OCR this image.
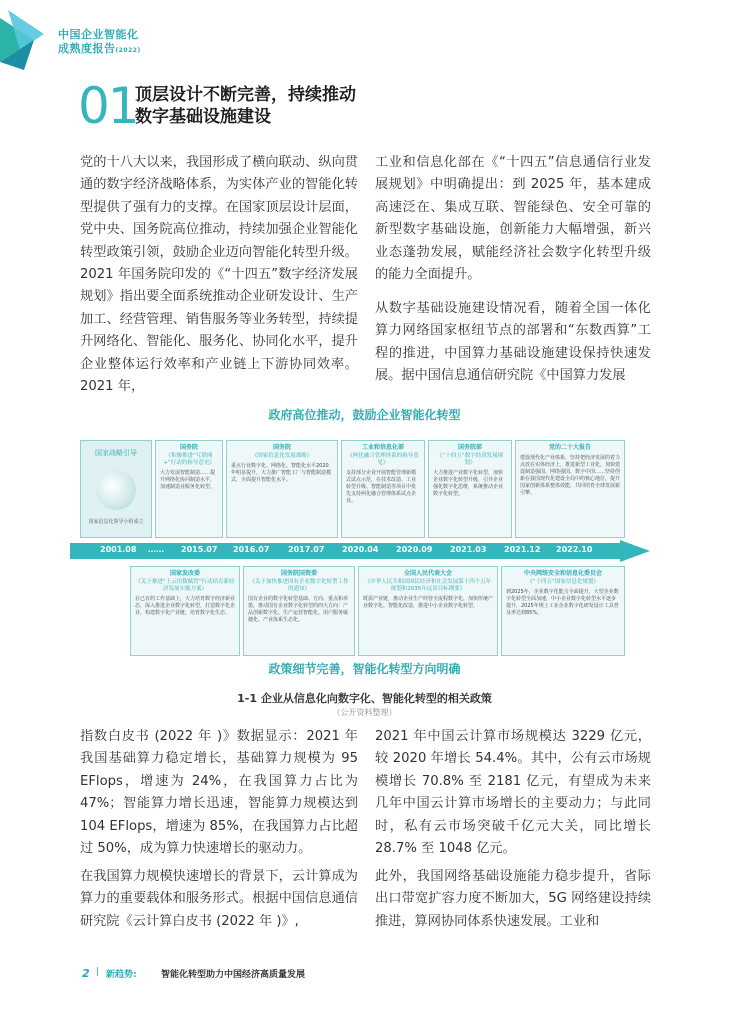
中国企业智能化
成熟度报告(2022)
01
顶层设计不断完善，持续推动
数字基础设施建设

党的十八大以来，我国形成了横向联动、纵向贯通的数字经济战略体系，为实体产业的智能化转型提供了强有力的支撑。在国家顶层设计层面，党中央、国务院高位推动，持续加强企业智能化转型政策引领，鼓励企业迈向智能化转型升级。2021 年国务院印发的《“十四五”数字经济发展规划》指出要全面系统推动企业研发设计、生产加工、经营管理、销售服务等业务转型，持续提升网络化、智能化、服务化、协同化水平，提升企业整体运行效率和产业链上下游协同效率。2021 年，

工业和信息化部在《“十四五”信息通信行业发展规划》中明确提出：到 2025 年，基本建成高速泛在、集成互联、智能绿色、安全可靠的新型数字基础设施，创新能力大幅增强，新兴业态蓬勃发展，赋能经济社会数字化转型升级的能力全面提升。

从数字基础设施建设情况看，随着全国一体化算力网络国家枢纽节点的部署和“东数西算”工程的推进，中国算力基础设施建设保持快速发展。据中国信息通信研究院《中国算力发展

政府高位推动，鼓励企业智能化转型
国家战略引导
国家信息化领导小组成立
国务院
《积极推进“互联网+”行动的指导意见》
大力发展智能制造……提升网络化协同制造水平，加速制造业服务化转型。
国务院
《国家信息化发展战略》
重点行业数字化、网络化、智能化水平2020年明显提升，大力推广智能工厂与智能制造模式，全面提升智能化水平。
工业和信息化部
《两化融合管理体系的指导意见》
支持部分企业开展智能管理新模式试点示范，在技术改造、工业转型升级、智能制造等项目中优先支持两化融合管理体系试点企业。
国务院部
《“十四五”数字经济发展规划》
大力推进产业数字化转型，加快企业数字化转型升级，引导企业强化数字化思维，系统推动企业数字化转型。
党的二十大报告
建设现代化产业体系，坚持把经济发展的着力点放在实体经济上，推进新型工业化，加快建设制造强国、网络强国、数字中国……坚持创新在我国现代化建设全局中的核心地位，提升国家创新体系整体效能，共同培育全球发展新引擎。
2001.08 …… 2015.07 2016.07 2017.07 2020.04 2020.09 2021.03 2021.12 2022.10
国家发改委
《关于推进“上云用数赋智”行动培育新经济发展实施方案》
在已有的工作基础上，大力培育数字经济新业态，深入推进企业数字化转型，打造数字化企业，构建数字化产业链，培育数字化生态。
国务院国资委
《关于加快推进国有企业数字化转型工作的通知》
国有企业的数字化转型基础、方向、重点和举措，推动国有企业数字化转型的四大方向：产品创新数字化、生产运营智能化、用户服务敏捷化、产业体系生态化。
全国人民代表大会
《中华人民共和国国民经济和社会发展第十四个五年规划和2035年远景目标纲要》
既需产业链，推动企业生产经营全流程数字化，加快传统产业数字化、智能化改造，推进中小企业数字化转型。
中央网络安全和信息化委员会
《“十四五”国家信息化规划》
到2025年，企业数字化能力全面提升，大型企业数字化转型全面加速，中小企业数字化转型水平逐步提升，2025年规上工业企业数字化研发设计工具普及率达到85%。
政策细节完善，智能化转型方向明确
1-1 企业从信息化向数字化、智能化转型的相关政策
（公开资料整理）

指数白皮书 (2022 年 )》数据显示：2021 年我国基础算力稳定增长，基础算力规模为 95 EFlops，增速为 24%，在我国算力占比为 47%；智能算力增长迅速，智能算力规模达到 104 EFlops，增速为 85%，在我国算力占比超过 50%，成为算力快速增长的驱动力。

在我国算力规模快速增长的背景下，云计算成为算力的重要载体和服务形式。根据中国信息通信研究院《云计算白皮书 (2022 年 )》,

2021 年中国云计算市场规模达 3229 亿元，较 2020 年增长 54.4%。其中，公有云市场规模增长 70.8% 至 2181 亿元，有望成为未来几年中国云计算市场增长的主要动力；与此同时，私有云市场突破千亿元大关，同比增长 28.7% 至 1048 亿元。

此外，我国网络基础设施能力稳步提升，省际出口带宽扩容力度不断加大，5G 网络建设持续推进，算网协同体系快速发展。工业和

2 | 新趋势:	智能化转型助力中国经济高质量发展
